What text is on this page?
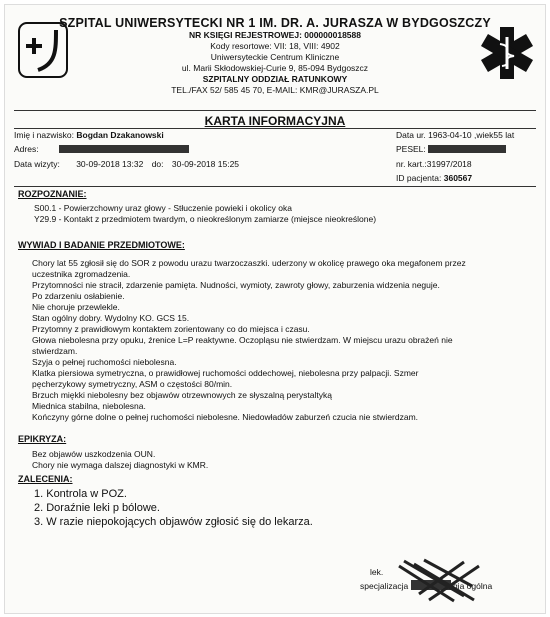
SZPITAL UNIWERSYTECKI NR 1 IM. DR. A. JURASZA W BYDGOSZCZY
NR KSIĘGI REJESTROWEJ: 000000018588
Kody resortowe: VII: 18, VIII: 4902
Uniwersyteckie Centrum Kliniczne
ul. Marii Skłodowskiej-Curie 9, 85-094 Bydgoszcz
SZPITALNY ODDZIAŁ RATUNKOWY
TEL./FAX 52/ 585 45 70, E-MAIL: KMR@JURASZA.PL
KARTA INFORMACYJNA
Imię i nazwisko: Bogdan Dzakanowski
Adres:
Data wizyty: 30-09-2018 13:32 do: 30-09-2018 15:25
Data ur. 1963-04-10 ,wiek55 lat
PESEL:
nr. kart.:31997/2018
ID pacjenta: 360567
ROZPOZNANIE:
S00.1 - Powierzchowny uraz głowy - Stłuczenie powieki i okolicy oka
Y29.9 - Kontakt z przedmiotem twardym, o nieokreślonym zamiarze (miejsce nieokreślone)
WYWIAD I BADANIE PRZEDMIOTOWE:
Chory lat 55 zgłosił się do SOR z powodu urazu twarzoczaszki. uderzony w okolicę prawego oka megafonem przez
uczestnika zgromadzenia.
Przytomności nie stracił, zdarzenie pamięta. Nudności, wymioty, zawroty głowy, zaburzenia widzenia neguje.
Po zdarzeniu osłabienie.
Nie choruje przewlekle.
Stan ogólny dobry. Wydolny KO. GCS 15.
Przytomny z prawidłowym kontaktem zorientowany co do miejsca i czasu.
Głowa niebolesna przy opuku, źrenice L=P reaktywne. Oczopląsu nie stwierdzam. W miejscu urazu obrażeń nie
stwierdzam.
Szyja o pełnej ruchomości niebolesna.
Klatka piersiowa symetryczna, o prawidłowej ruchomości oddechowej, niebolesna przy palpacji. Szmer
pęcherzykowy symetryczny, ASM o częstości 80/min.
Brzuch miękki niebolesny bez objawów otrzewnowych ze słyszalną perystaltyką
Miednica stabilna, niebolesna.
Kończyny górne dolne o pełnej ruchomości niebolesne. Niedowładów zaburzeń czucia nie stwierdzam.
EPIKRYZA:
Bez objawów uszkodzenia OUN.
Chory nie wymaga dalszej diagnostyki w KMR.
ZALECENIA:
1. Kontrola w POZ.
2. Doraźnie leki p bólowe.
3. W razie niepokojących objawów zgłosić się do lekarza.
lek.
specjalizacja	gia ogólna
